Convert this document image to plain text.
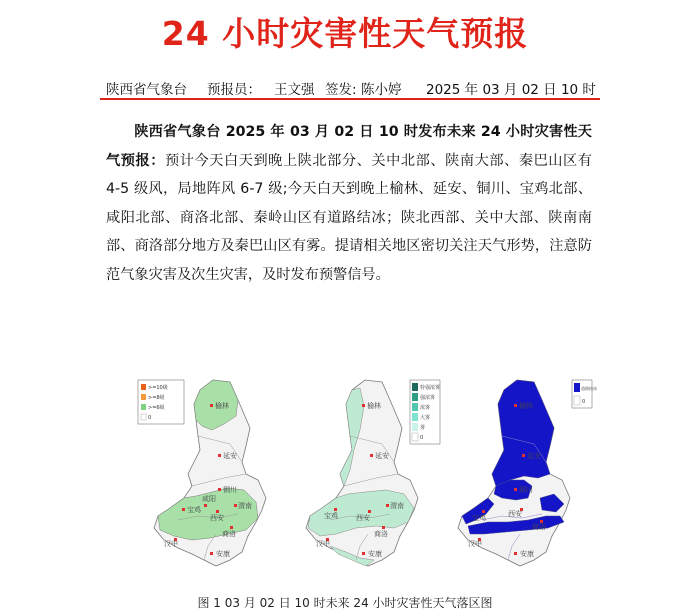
24 小时灾害性天气预报
陕西省气象台 预报员： 王文强 签发: 陈小婷 2025 年 03 月 02 日 10 时
陕西省气象台 2025 年 03 月 02 日 10 时发布未来 24 小时灾害性天气预报：预计今天白天到晚上陕北部分、关中北部、陕南大部、秦巴山区有 4-5 级风，局地阵风 6-7 级;今天白天到晚上榆林、延安、铜川、宝鸡北部、咸阳北部、商洛北部、秦岭山区有道路结冰；陕北西部、关中大部、陕南南部、商洛部分地方及秦巴山区有雾。提请相关地区密切关注天气形势，注意防范气象灾害及次生灾害，及时发布预警信号。
榆林
延安
铜川
宝鸡
咸阳
西安
渭南
商洛
汉中
安康
>=10级
>=8级
>=6级
0
榆林
延安
宝鸡	西安
渭南
商洛
汉中
安康
特强浓雾
强浓雾
浓雾
大雾
雾
0
榆林
延安
铜川
宝鸡	西安
商洛
汉中
安康
道路结冰
0
图 1 03 月 02 日 10 时未来 24 小时灾害性天气落区图
